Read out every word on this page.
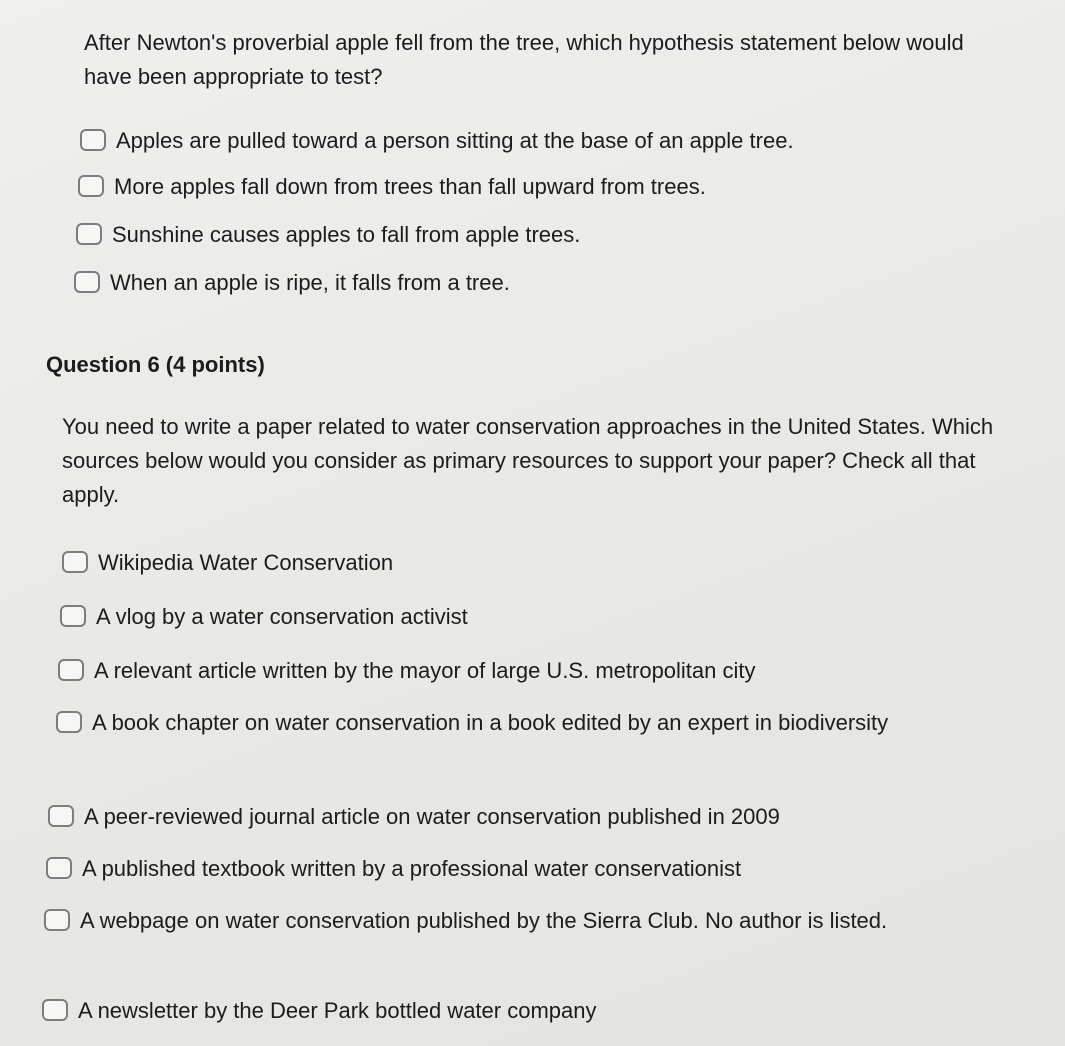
After Newton's proverbial apple fell from the tree, which hypothesis statement below would have been appropriate to test?

Apples are pulled toward a person sitting at the base of an apple tree.
More apples fall down from trees than fall upward from trees.
Sunshine causes apples to fall from apple trees.
When an apple is ripe, it falls from a tree.
Question 6 (4 points)

You need to write a paper related to water conservation approaches in the United States. Which sources below would you consider as primary resources to support your paper? Check all that apply.

Wikipedia Water Conservation
A vlog by a water conservation activist
A relevant article written by the mayor of large U.S. metropolitan city
A book chapter on water conservation in a book edited by an expert in biodiversity
A peer-reviewed journal article on water conservation published in 2009
A published textbook written by a professional water conservationist
A webpage on water conservation published by the Sierra Club. No author is listed.
A newsletter by the Deer Park bottled water company
